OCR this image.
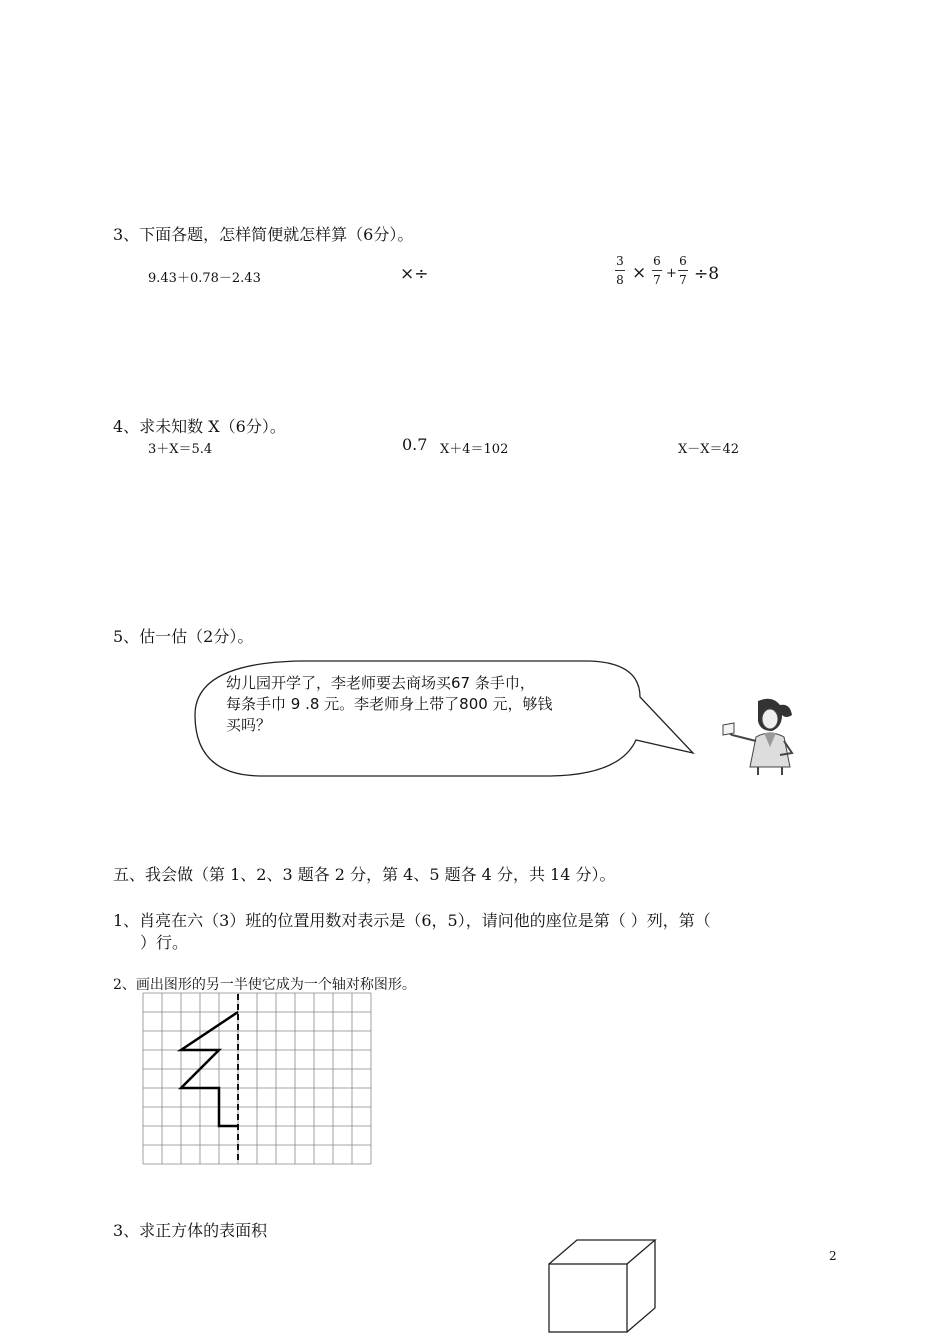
3、下面各题，怎样简便就怎样算（6分）。
9.43＋0.78－2.43	×÷
3
8 ×
6
7 +
6
7 ÷8
4、求未知数 X（6分）。
3＋X＝5.4	0.7 X＋4＝102	X－X＝42
5、估一估（2分）。
幼儿园开学了，李老师要去商场买67 条手巾，
每条手巾 9 .8 元。李老师身上带了800 元，够钱
买吗？
五、我会做（第 1、2、3 题各 2 分，第 4、5 题各 4 分，共 14 分）。
1、肖亮在六（3）班的位置用数对表示是（6，5），请问他的座位是第（ ）列，第（
）行。
2、画出图形的另一半使它成为一个轴对称图形。
3、求正方体的表面积
2
